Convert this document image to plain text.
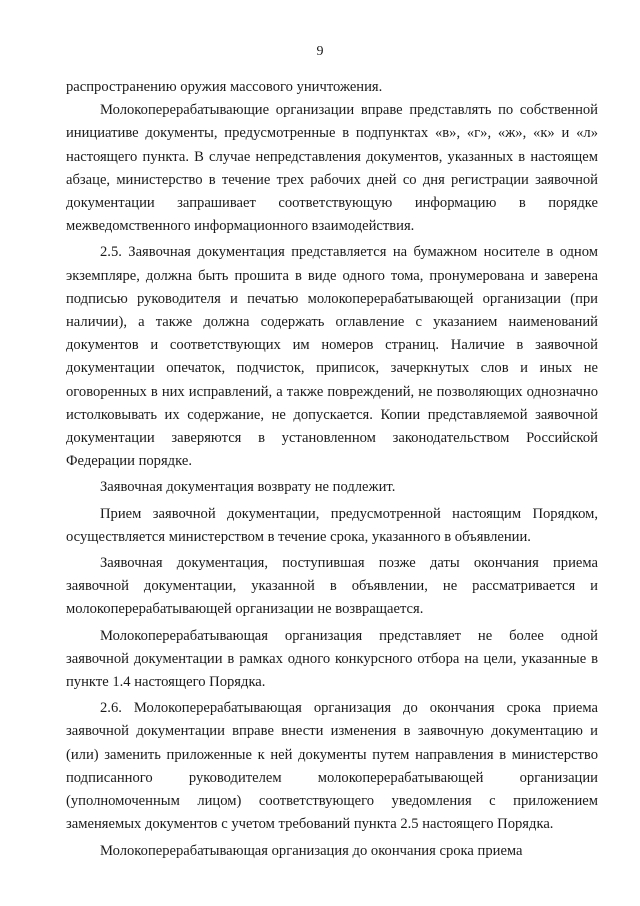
9

распространению оружия массового уничтожения.

Молокоперерабатывающие организации вправе представлять по собственной инициативе документы, предусмотренные в подпунктах «в», «г», «ж», «к» и «л» настоящего пункта. В случае непредставления документов, указанных в настоящем абзаце, министерство в течение трех рабочих дней со дня регистрации заявочной документации запрашивает соответствующую информацию в порядке межведомственного информационного взаимодействия.

2.5. Заявочная документация представляется на бумажном носителе в одном экземпляре, должна быть прошита в виде одного тома, пронумерована и заверена подписью руководителя и печатью молокоперерабатывающей организации (при наличии), а также должна содержать оглавление с указанием наименований документов и соответствующих им номеров страниц. Наличие в заявочной документации опечаток, подчисток, приписок, зачеркнутых слов и иных не оговоренных в них исправлений, а также повреждений, не позволяющих однозначно истолковывать их содержание, не допускается. Копии представляемой заявочной документации заверяются в установленном законодательством Российской Федерации порядке.

Заявочная документация возврату не подлежит.

Прием заявочной документации, предусмотренной настоящим Порядком, осуществляется министерством в течение срока, указанного в объявлении.

Заявочная документация, поступившая позже даты окончания приема заявочной документации, указанной в объявлении, не рассматривается и молокоперерабатывающей организации не возвращается.

Молокоперерабатывающая организация представляет не более одной заявочной документации в рамках одного конкурсного отбора на цели, указанные в пункте 1.4 настоящего Порядка.

2.6. Молокоперерабатывающая организация до окончания срока приема заявочной документации вправе внести изменения в заявочную документацию и (или) заменить приложенные к ней документы путем направления в министерство подписанного руководителем молокоперерабатывающей организации (уполномоченным лицом) соответствующего уведомления с приложением заменяемых документов с учетом требований пункта 2.5 настоящего Порядка.

Молокоперерабатывающая организация до окончания срока приема
